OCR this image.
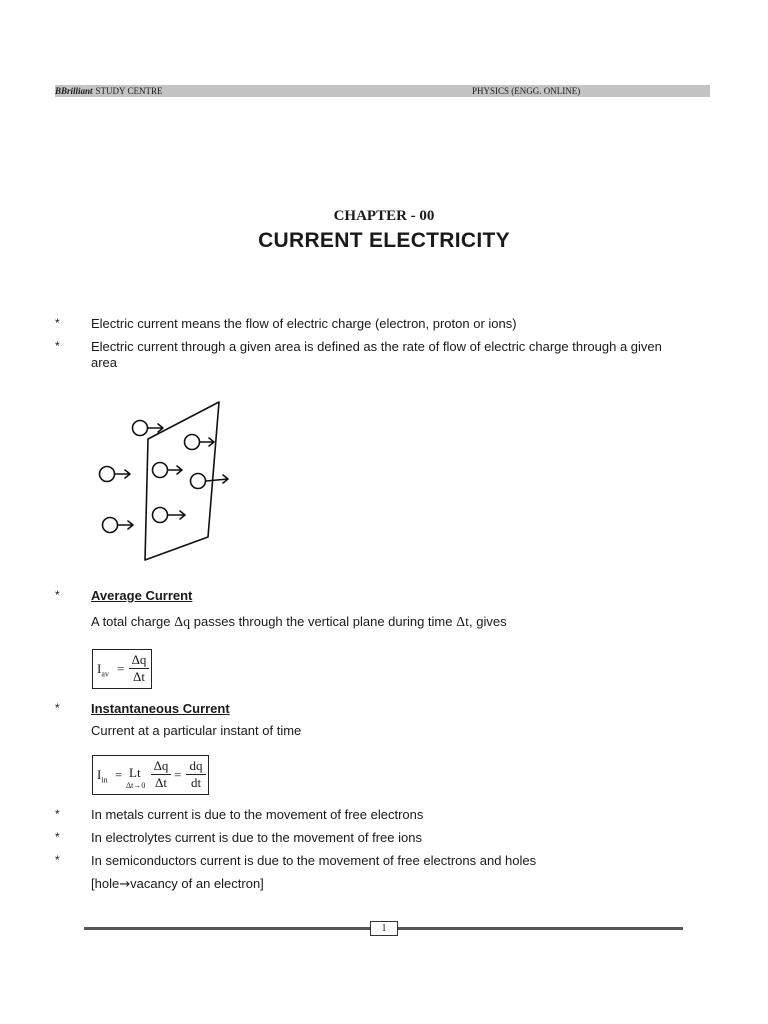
BBrilliant STUDY CENTRE	PHYSICS (ENGG. ONLINE)
CHAPTER - 00
CURRENT ELECTRICITY
* Electric current means the flow of electric charge (electron, proton or ions)
* Electric current through a given area is defined as the rate of flow of electric charge through a given
area
* Average Current
A total charge Δq passes through the vertical plane during time Δt, gives
$I_{av} = \frac{\Delta q}{\Delta t}$
* Instantaneous Current
Current at a particular instant of time
$I_{in} = Lt$
$\Delta t\to 0 \frac{\Delta q}{\Delta t} = \frac{dq}{dt}$
* In metals current is due to the movement of free electrons
* In electrolytes current is due to the movement of free ions
* In semiconductors current is due to the movement of free electrons and holes
[hole→vacancy of an electron]
1
